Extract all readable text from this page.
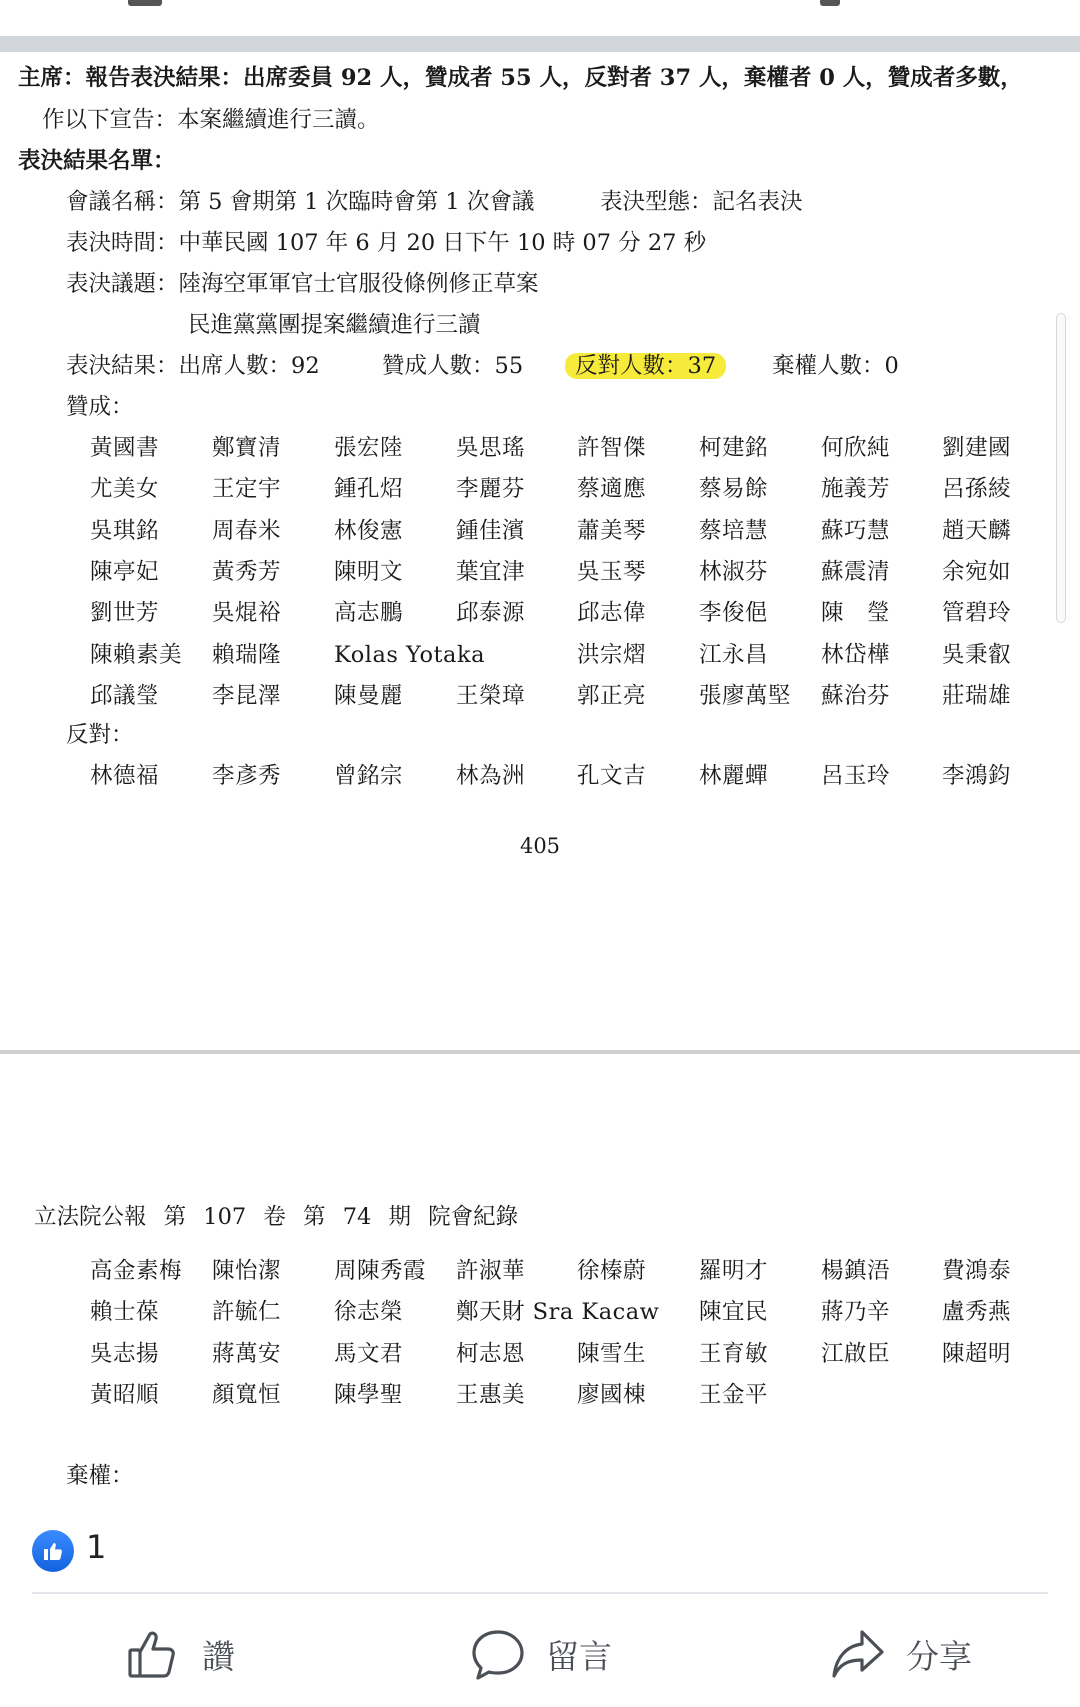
主席：報告表決結果：出席委員 92 人，贊成者 55 人，反對者 37 人，棄權者 0 人，贊成者多數，
作以下宣告：本案繼續進行三讀。
表決結果名單：
會議名稱：第 5 會期第 1 次臨時會第 1 次會議	表決型態：記名表決
表決時間：中華民國 107 年 6 月 20 日下午 10 時 07 分 27 秒
表決議題：陸海空軍軍官士官服役條例修正草案
民進黨黨團提案繼續進行三讀
表決結果：出席人數：92	贊成人數：55 反對人數：37	棄權人數：0
贊成：
黃國書 鄭寶清 張宏陸 吳思瑤 許智傑 柯建銘 何欣純 劉建國
尤美女 王定宇 鍾孔炤 李麗芬 蔡適應 蔡易餘 施義芳 呂孫綾
吳琪銘 周春米 林俊憲 鍾佳濱 蕭美琴 蔡培慧 蘇巧慧 趙天麟
陳亭妃 黃秀芳 陳明文 葉宜津 吳玉琴 林淑芬 蘇震清 余宛如
劉世芳 吳焜裕 高志鵬 邱泰源 邱志偉 李俊俋 陳　瑩 管碧玲
陳賴素美 賴瑞隆 Kolas Yotaka	洪宗熠 江永昌 林岱樺 吳秉叡
邱議瑩 李昆澤 陳曼麗 王榮璋 郭正亮 張廖萬堅 蘇治芬 莊瑞雄
反對：
林德福 李彥秀 曾銘宗 林為洲 孔文吉 林麗蟬 呂玉玲 李鴻鈞
405
立法院公報 第 107 卷 第 74 期 院會紀錄
高金素梅 陳怡潔 周陳秀霞 許淑華 徐榛蔚 羅明才 楊鎮浯 費鴻泰
賴士葆 許毓仁 徐志榮 鄭天財 Sra Kacaw 陳宜民 蔣乃辛 盧秀燕
吳志揚 蔣萬安 馬文君 柯志恩 陳雪生 王育敏 江啟臣 陳超明
黃昭順 顏寬恒 陳學聖 王惠美 廖國棟 王金平
棄權：
1
讚	留言	分享
